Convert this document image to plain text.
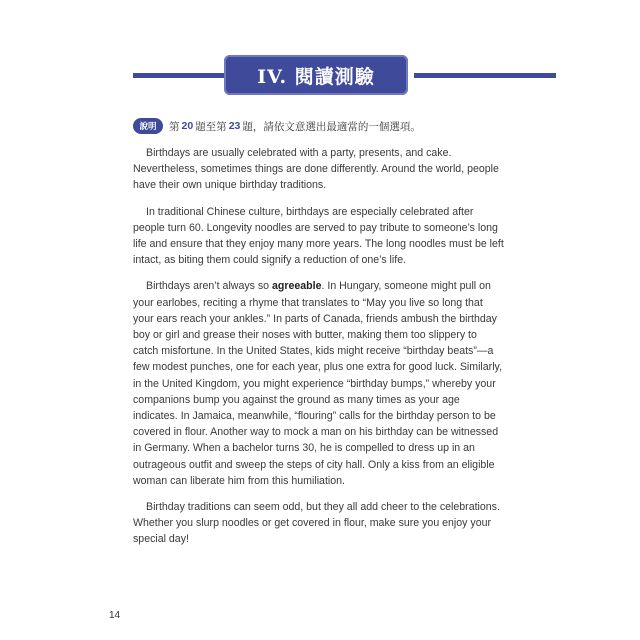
IV. 閱讀測驗
說明	第 20 題至第 23 題，請依文意選出最適當的一個選項。

Birthdays are usually celebrated with a party, presents, and cake. Nevertheless, sometimes things are done differently. Around the world, people have their own unique birthday traditions.

In traditional Chinese culture, birthdays are especially celebrated after people turn 60. Longevity noodles are served to pay tribute to someone’s long life and ensure that they enjoy many more years. The long noodles must be left intact, as biting them could signify a reduction of one’s life.

Birthdays aren’t always so agreeable. In Hungary, someone might pull on your earlobes, reciting a rhyme that translates to “May you live so long that your ears reach your ankles.” In parts of Canada, friends ambush the birthday boy or girl and grease their noses with butter, making them too slippery to catch misfortune. In the United States, kids might receive “birthday beats”—a few modest punches, one for each year, plus one extra for good luck. Similarly, in the United Kingdom, you might experience “birthday bumps,” whereby your companions bump you against the ground as many times as your age indicates. In Jamaica, meanwhile, “flouring” calls for the birthday person to be covered in flour. Another way to mock a man on his birthday can be witnessed in Germany. When a bachelor turns 30, he is compelled to dress up in an outrageous outfit and sweep the steps of city hall. Only a kiss from an eligible woman can liberate him from this humiliation.

Birthday traditions can seem odd, but they all add cheer to the celebrations. Whether you slurp noodles or get covered in flour, make sure you enjoy your special day!

14
